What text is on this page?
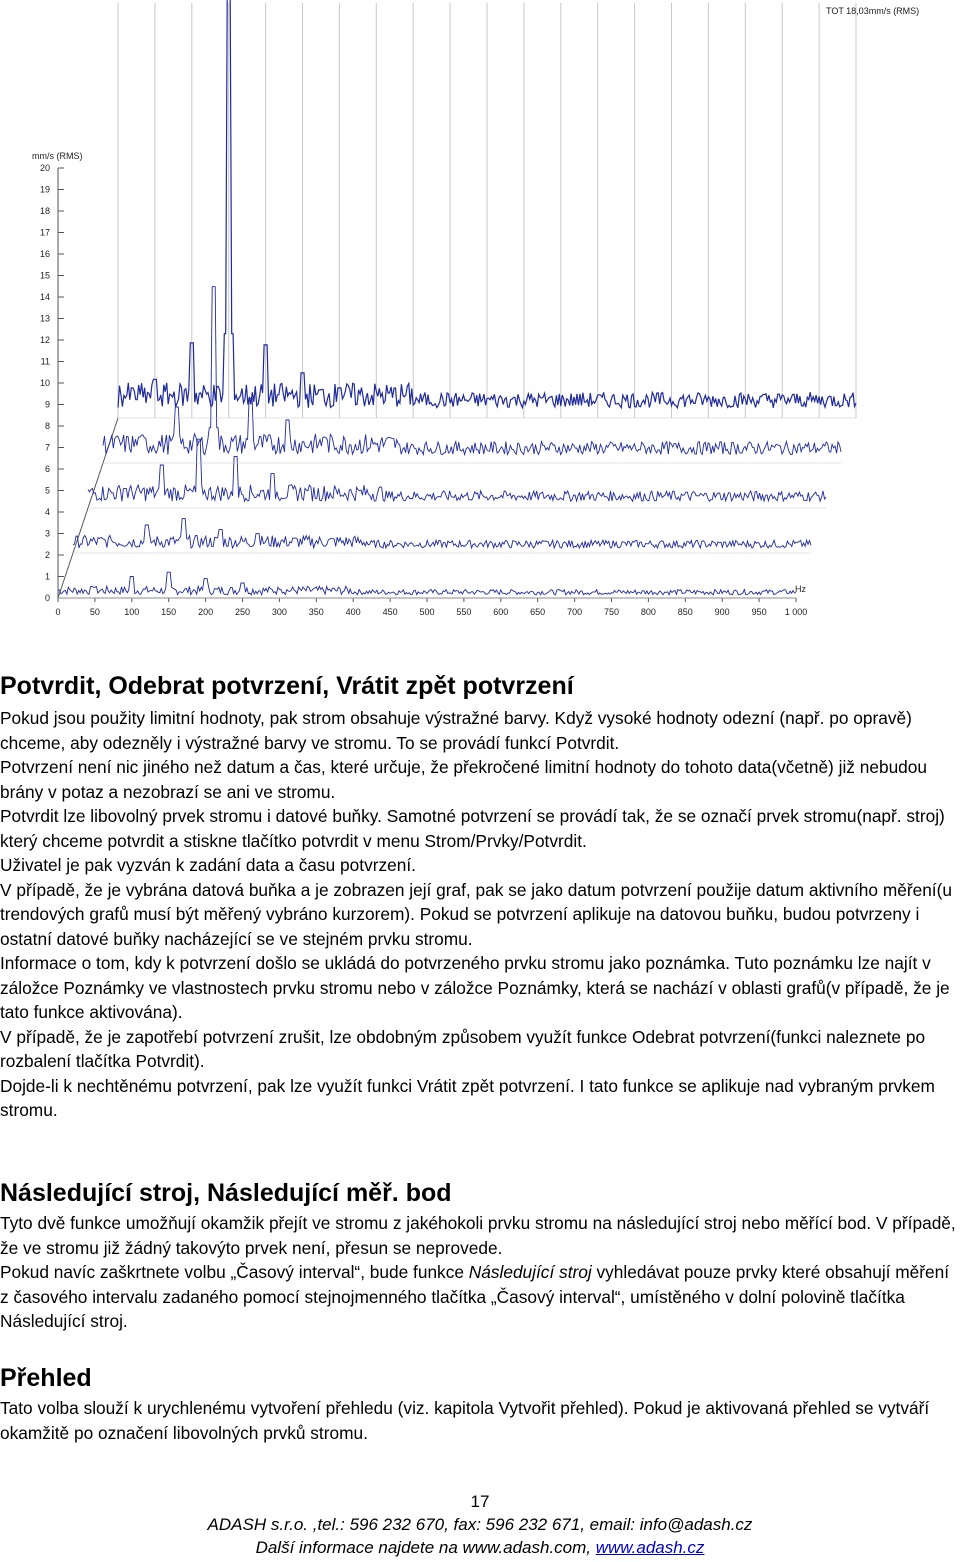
0
1
2
3
4
5
6
7
8
9
10
11
12
13
14
15
16
17
18
19
20
0	50	100 150 200 250 300 350 400 450 500 550 600 650 700 750 800 850 900 950 1 000
TOT 18,03mm/s (RMS)
mm/s (RMS)
Hz
Potvrdit, Odebrat potvrzení, Vrátit zpět potvrzení

Pokud jsou použity limitní hodnoty, pak strom obsahuje výstražné barvy. Když vysoké hodnoty odezní (např. po opravě) chceme, aby odezněly i výstražné barvy ve stromu. To se provádí funkcí Potvrdit.

Potvrzení není nic jiného než datum a čas, které určuje, že překročené limitní hodnoty do tohoto data(včetně) již nebudou brány v potaz a nezobrazí se ani ve stromu.

Potvrdit lze libovolný prvek stromu i datové buňky. Samotné potvrzení se provádí tak, že se označí prvek stromu(např. stroj) který chceme potvrdit a stiskne tlačítko potvrdit v menu Strom/Prvky/Potvrdit.

Uživatel je pak vyzván k zadání data a času potvrzení.

V případě, že je vybrána datová buňka a je zobrazen její graf, pak se jako datum potvrzení použije datum aktivního měření(u trendových grafů musí být měřený vybráno kurzorem). Pokud se potvrzení aplikuje na datovou buňku, budou potvrzeny i ostatní datové buňky nacházející se ve stejném prvku stromu.

Informace o tom, kdy k potvrzení došlo se ukládá do potvrzeného prvku stromu jako poznámka. Tuto poznámku lze najít v záložce Poznámky ve vlastnostech prvku stromu nebo v záložce Poznámky, která se nachází v oblasti grafů(v případě, že je tato funkce aktivována).

V případě, že je zapotřebí potvrzení zrušit, lze obdobným způsobem využít funkce Odebrat potvrzení(funkci naleznete po rozbalení tlačítka Potvrdit).

Dojde-li k nechtěnému potvrzení, pak lze využít funkci Vrátit zpět potvrzení. I tato funkce se aplikuje nad vybraným prvkem stromu.

Následující stroj, Následující měř. bod

Tyto dvě funkce umožňují okamžik přejít ve stromu z jakéhokoli prvku stromu na následující stroj nebo měřící bod. V případě, že ve stromu již žádný takovýto prvek není, přesun se neprovede.

Pokud navíc zaškrtnete volbu „Časový interval“, bude funkce Následující stroj vyhledávat pouze prvky které obsahují měření z časového intervalu zadaného pomocí stejnojmenného tlačítka „Časový interval“, umístěného v dolní polovině tlačítka Následující stroj.

Přehled

Tato volba slouží k urychlenému vytvoření přehledu (viz. kapitola Vytvořit přehled). Pokud je aktivovaná přehled se vytváří okamžitě po označení libovolných prvků stromu.

17
ADASH s.r.o. ,tel.: 596 232 670, fax: 596 232 671, email: info@adash.cz
Další informace najdete na www.adash.com, www.adash.cz
